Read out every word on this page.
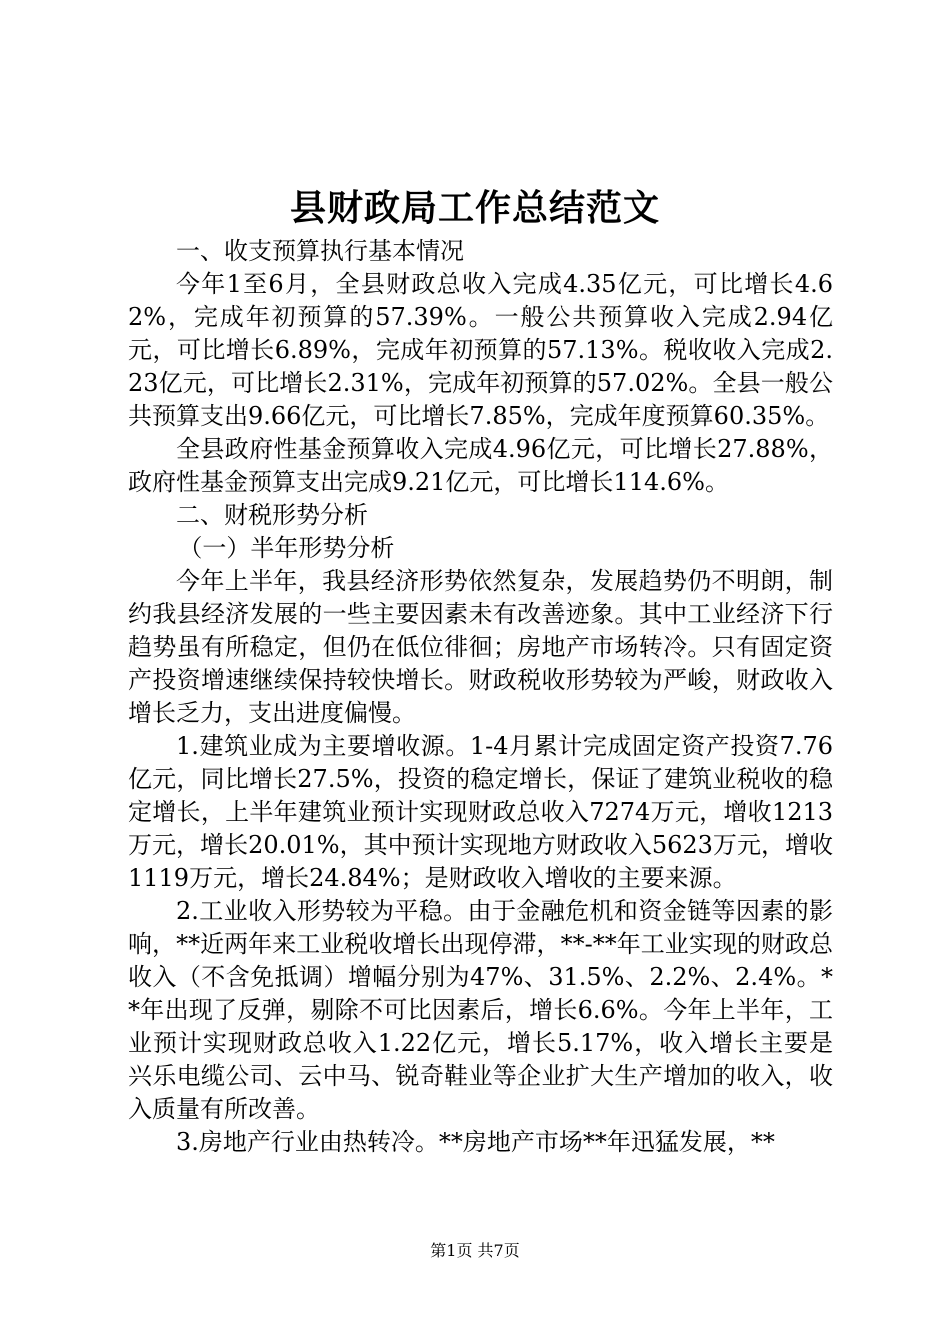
县财政局工作总结范文

一、收支预算执行基本情况

今年1至6月，全县财政总收入完成4.35亿元，可比增长4.62%，完成年初预算的57.39%。一般公共预算收入完成2.94亿元，可比增长6.89%，完成年初预算的57.13%。税收收入完成2.23亿元，可比增长2.31%，完成年初预算的57.02%。全县一般公共预算支出9.66亿元，可比增长7.85%，完成年度预算60.35%。

全县政府性基金预算收入完成4.96亿元，可比增长27.88%，政府性基金预算支出完成9.21亿元，可比增长114.6%。

二、财税形势分析

（一）半年形势分析

今年上半年，我县经济形势依然复杂，发展趋势仍不明朗，制约我县经济发展的一些主要因素未有改善迹象。其中工业经济下行趋势虽有所稳定，但仍在低位徘徊；房地产市场转冷。只有固定资产投资增速继续保持较快增长。财政税收形势较为严峻，财政收入增长乏力，支出进度偏慢。

1.建筑业成为主要增收源。1-4月累计完成固定资产投资7.76亿元，同比增长27.5%，投资的稳定增长，保证了建筑业税收的稳定增长，上半年建筑业预计实现财政总收入7274万元，增收1213万元，增长20.01%，其中预计实现地方财政收入5623万元，增收1119万元，增长24.84%；是财政收入增收的主要来源。

2.工业收入形势较为平稳。由于金融危机和资金链等因素的影响，**近两年来工业税收增长出现停滞，**-**年工业实现的财政总收入（不含免抵调）增幅分别为47%、31.5%、2.2%、2.4%。**年出现了反弹，剔除不可比因素后，增长6.6%。今年上半年，工业预计实现财政总收入1.22亿元，增长5.17%，收入增长主要是兴乐电缆公司、云中马、锐奇鞋业等企业扩大生产增加的收入，收入质量有所改善。

3.房地产行业由热转冷。**房地产市场**年迅猛发展，**

第1页 共7页
